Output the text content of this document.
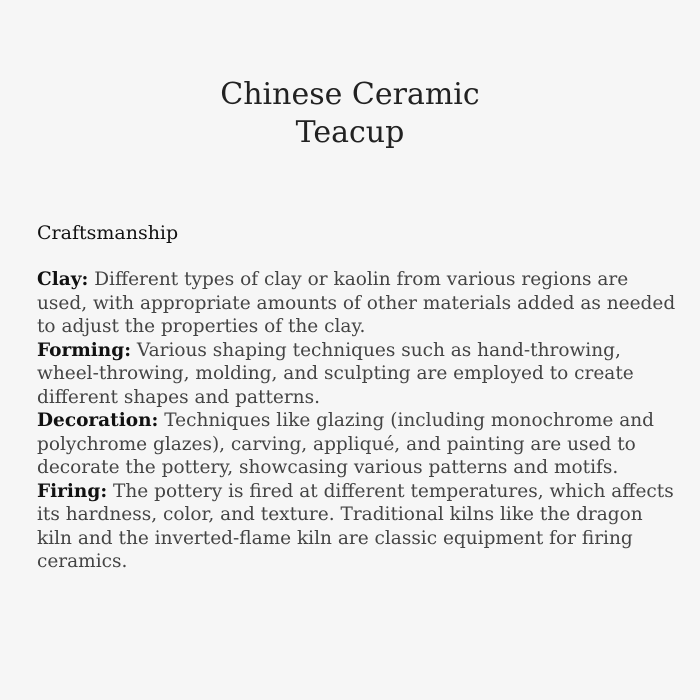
Chinese Ceramic
Teacup
Craftsmanship

Clay: Different types of clay or kaolin from various regions are used, with appropriate amounts of other materials added as needed to adjust the properties of the clay.

Forming: Various shaping techniques such as hand-throwing, wheel-throwing, molding, and sculpting are employed to create different shapes and patterns.

Decoration: Techniques like glazing (including monochrome and polychrome glazes), carving, appliqué, and painting are used to decorate the pottery, showcasing various patterns and motifs.

Firing: The pottery is fired at different temperatures, which affects its hardness, color, and texture. Traditional kilns like the dragon kiln and the inverted-flame kiln are classic equipment for firing ceramics.
